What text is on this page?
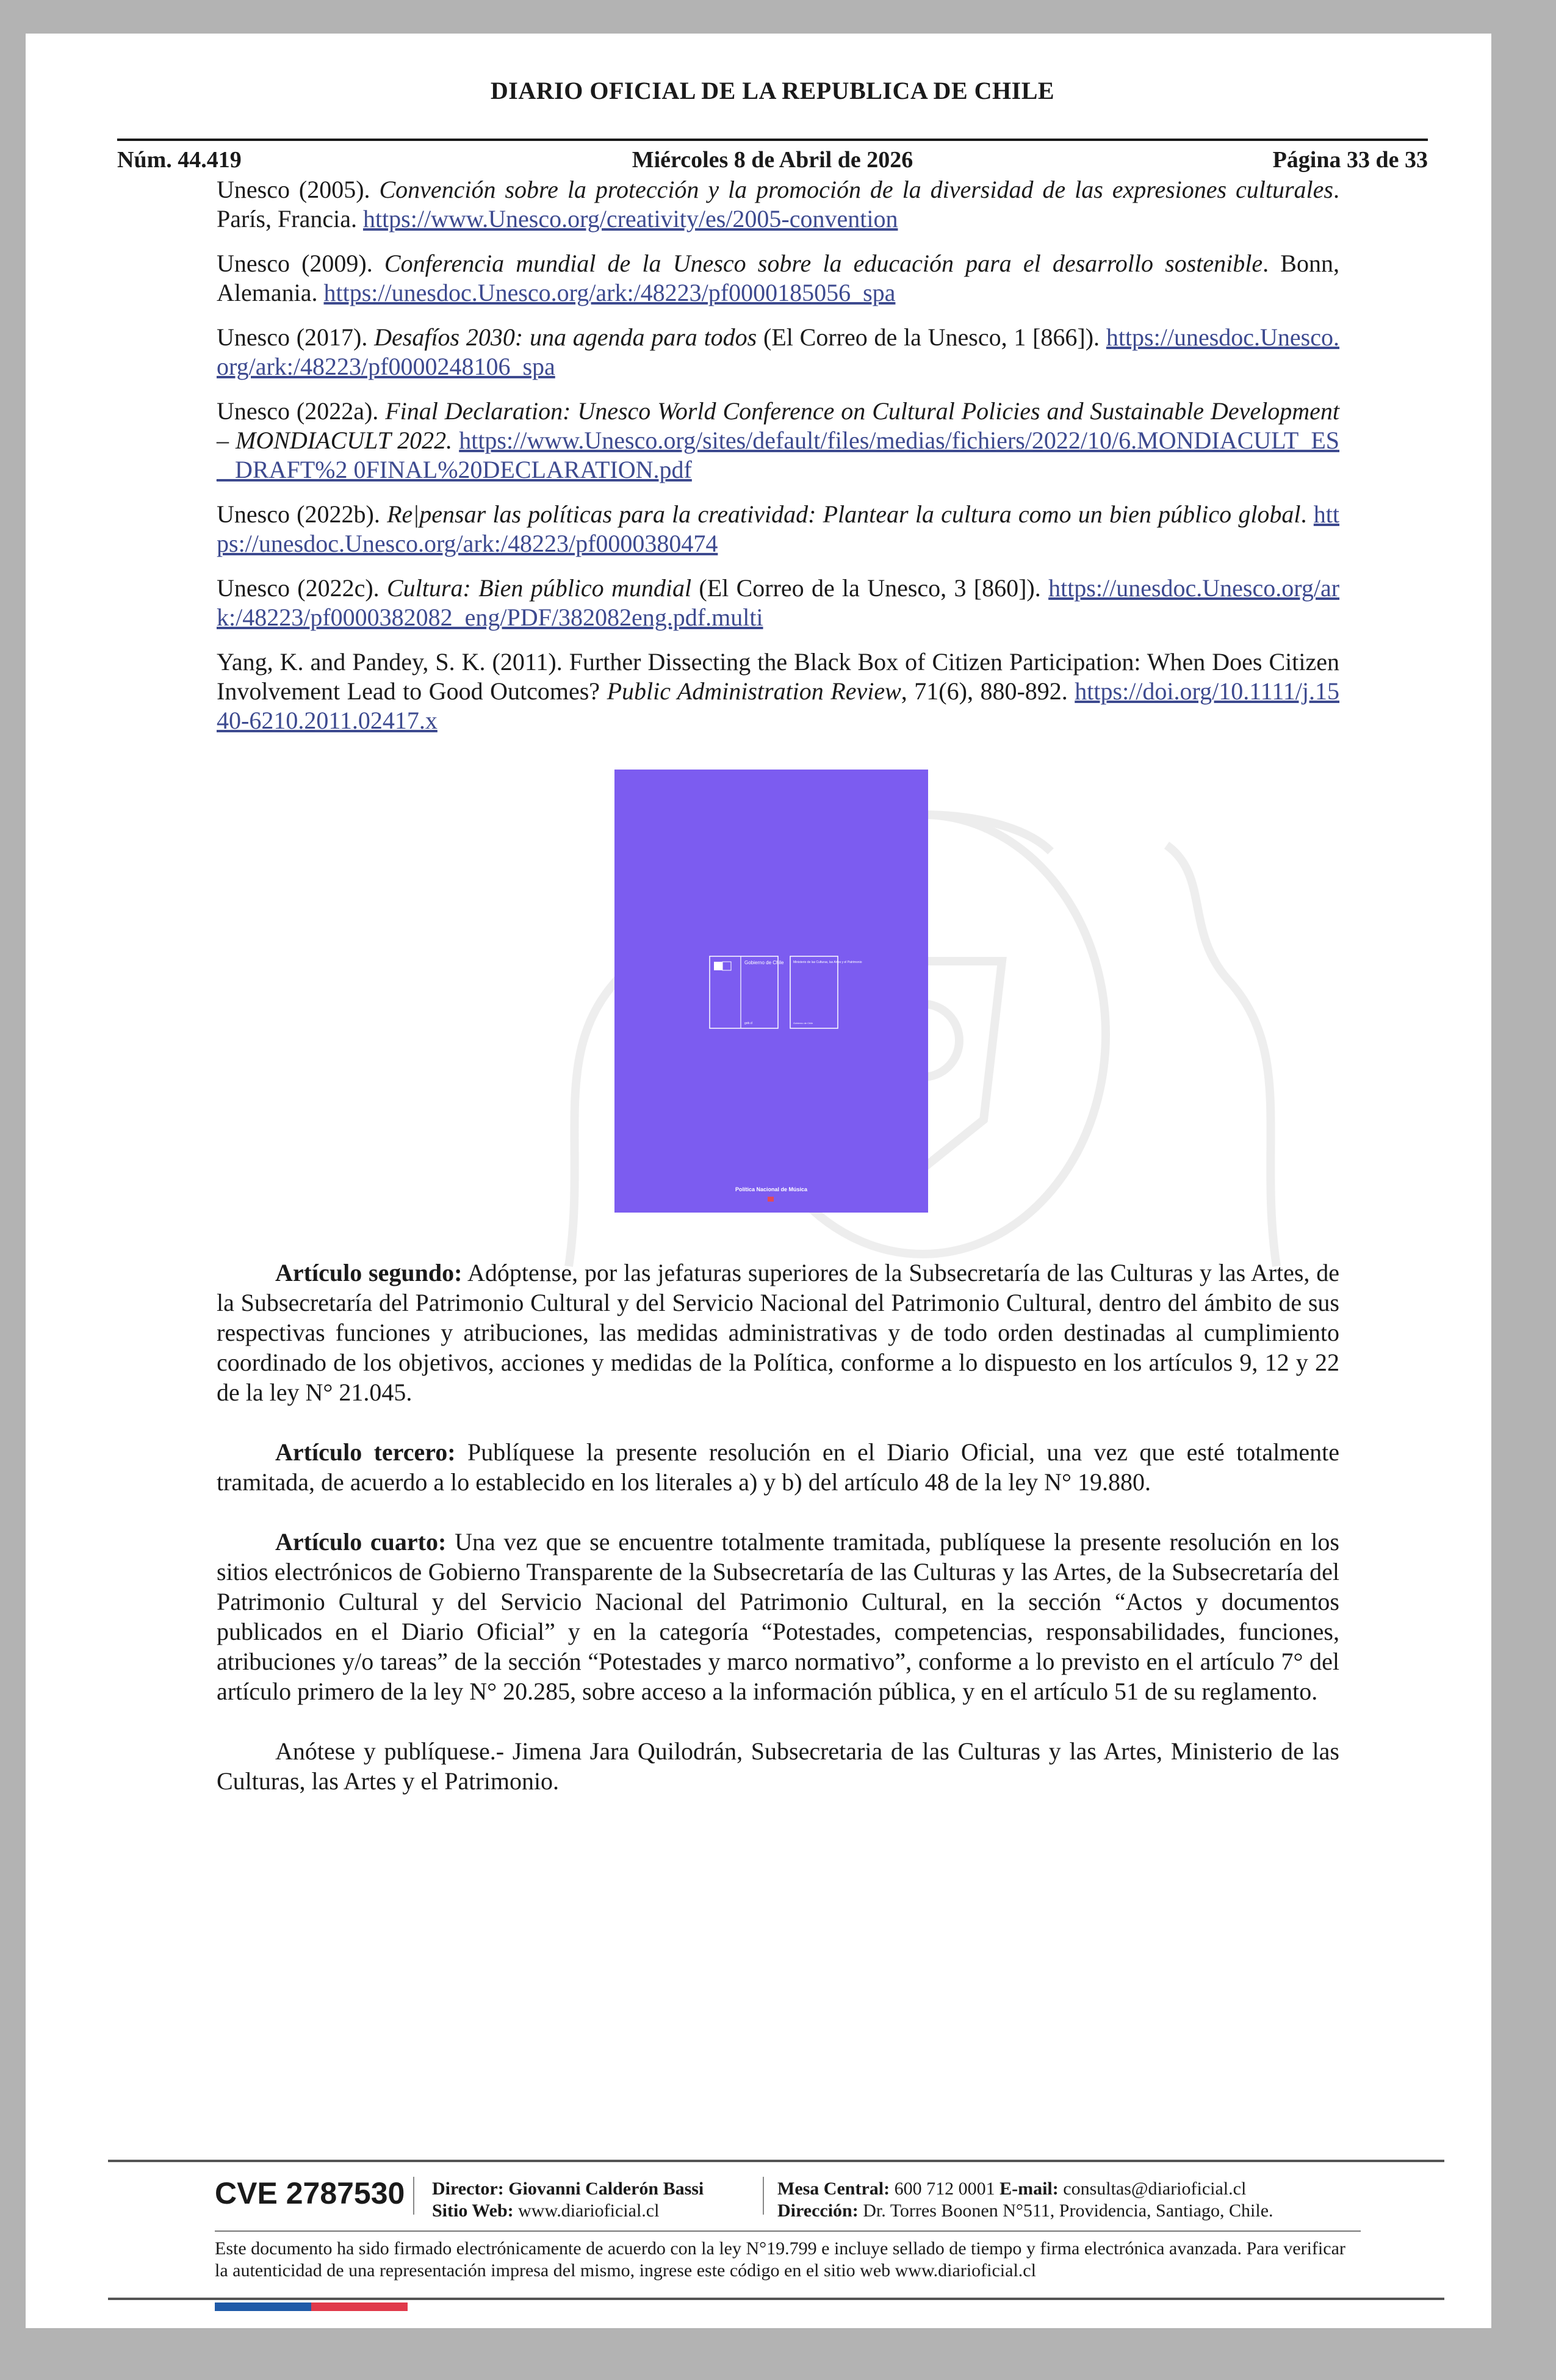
DIARIO OFICIAL DE LA REPUBLICA DE CHILE
Núm. 44.419	Miércoles 8 de Abril de 2026	Página 33 de 33

Unesco (2005). Convención sobre la protección y la promoción de la diversidad de las expresiones culturales. París, Francia. https://www.Unesco.org/creativity/es/2005-convention

Unesco (2009). Conferencia mundial de la Unesco sobre la educación para el desarrollo sostenible. Bonn, Alemania. https://unesdoc.Unesco.org/ark:/48223/pf0000185056_spa

Unesco (2017). Desafíos 2030: una agenda para todos (El Correo de la Unesco, 1 [866]). https://unesdoc.Unesco.org/ark:/48223/pf0000248106_spa

Unesco (2022a). Final Declaration: Unesco World Conference on Cultural Policies and Sustainable Development – MONDIACULT 2022. https://www.Unesco.org/sites/default/files/medias/fichiers/2022/10/6.MONDIACULT_ES_ DRAFT%2 0FINAL%20DECLARATION.pdf

Unesco (2022b). Re|pensar las políticas para la creatividad: Plantear la cultura como un bien público global. https://unesdoc.Unesco.org/ark:/48223/pf0000380474

Unesco (2022c). Cultura: Bien público mundial (El Correo de la Unesco, 3 [860]). https://unesdoc.Unesco.org/ark:/48223/pf0000382082_eng/PDF/382082eng.pdf.multi

Yang, K. and Pandey, S. K. (2011). Further Dissecting the Black Box of Citizen Participation: When Does Citizen Involvement Lead to Good Outcomes? Public Administration Review, 71(6), 880-892. https://doi.org/10.1111/j.1540-6210.2011.02417.x

Gobierno de Chile
gob.cl
Ministerio de las Culturas, las Artes y el Patrimonio
Gobierno de Chile
Política Nacional de Música

Artículo segundo: Adóptense, por las jefaturas superiores de la Subsecretaría de las Culturas y las Artes, de la Subsecretaría del Patrimonio Cultural y del Servicio Nacional del Patrimonio Cultural, dentro del ámbito de sus respectivas funciones y atribuciones, las medidas administrativas y de todo orden destinadas al cumplimiento coordinado de los objetivos, acciones y medidas de la Política, conforme a lo dispuesto en los artículos 9, 12 y 22 de la ley N° 21.045.

Artículo tercero: Publíquese la presente resolución en el Diario Oficial, una vez que esté totalmente tramitada, de acuerdo a lo establecido en los literales a) y b) del artículo 48 de la ley N° 19.880.

Artículo cuarto: Una vez que se encuentre totalmente tramitada, publíquese la presente resolución en los sitios electrónicos de Gobierno Transparente de la Subsecretaría de las Culturas y las Artes, de la Subsecretaría del Patrimonio Cultural y del Servicio Nacional del Patrimonio Cultural, en la sección “Actos y documentos publicados en el Diario Oficial” y en la categoría “Potestades, competencias, responsabilidades, funciones, atribuciones y/o tareas” de la sección “Potestades y marco normativo”, conforme a lo previsto en el artículo 7° del artículo primero de la ley N° 20.285, sobre acceso a la información pública, y en el artículo 51 de su reglamento.

Anótese y publíquese.- Jimena Jara Quilodrán, Subsecretaria de las Culturas y las Artes, Ministerio de las Culturas, las Artes y el Patrimonio.

CVE 2787530 Director: Giovanni Calderón Bassi
Sitio Web: www.diarioficial.cl
Mesa Central: 600 712 0001 E-mail: consultas@diarioficial.cl
Dirección: Dr. Torres Boonen N°511, Providencia, Santiago, Chile.
Este documento ha sido firmado electrónicamente de acuerdo con la ley N°19.799 e incluye sellado de tiempo y firma electrónica avanzada. Para verificar la autenticidad de una representación impresa del mismo, ingrese este código en el sitio web www.diarioficial.cl
